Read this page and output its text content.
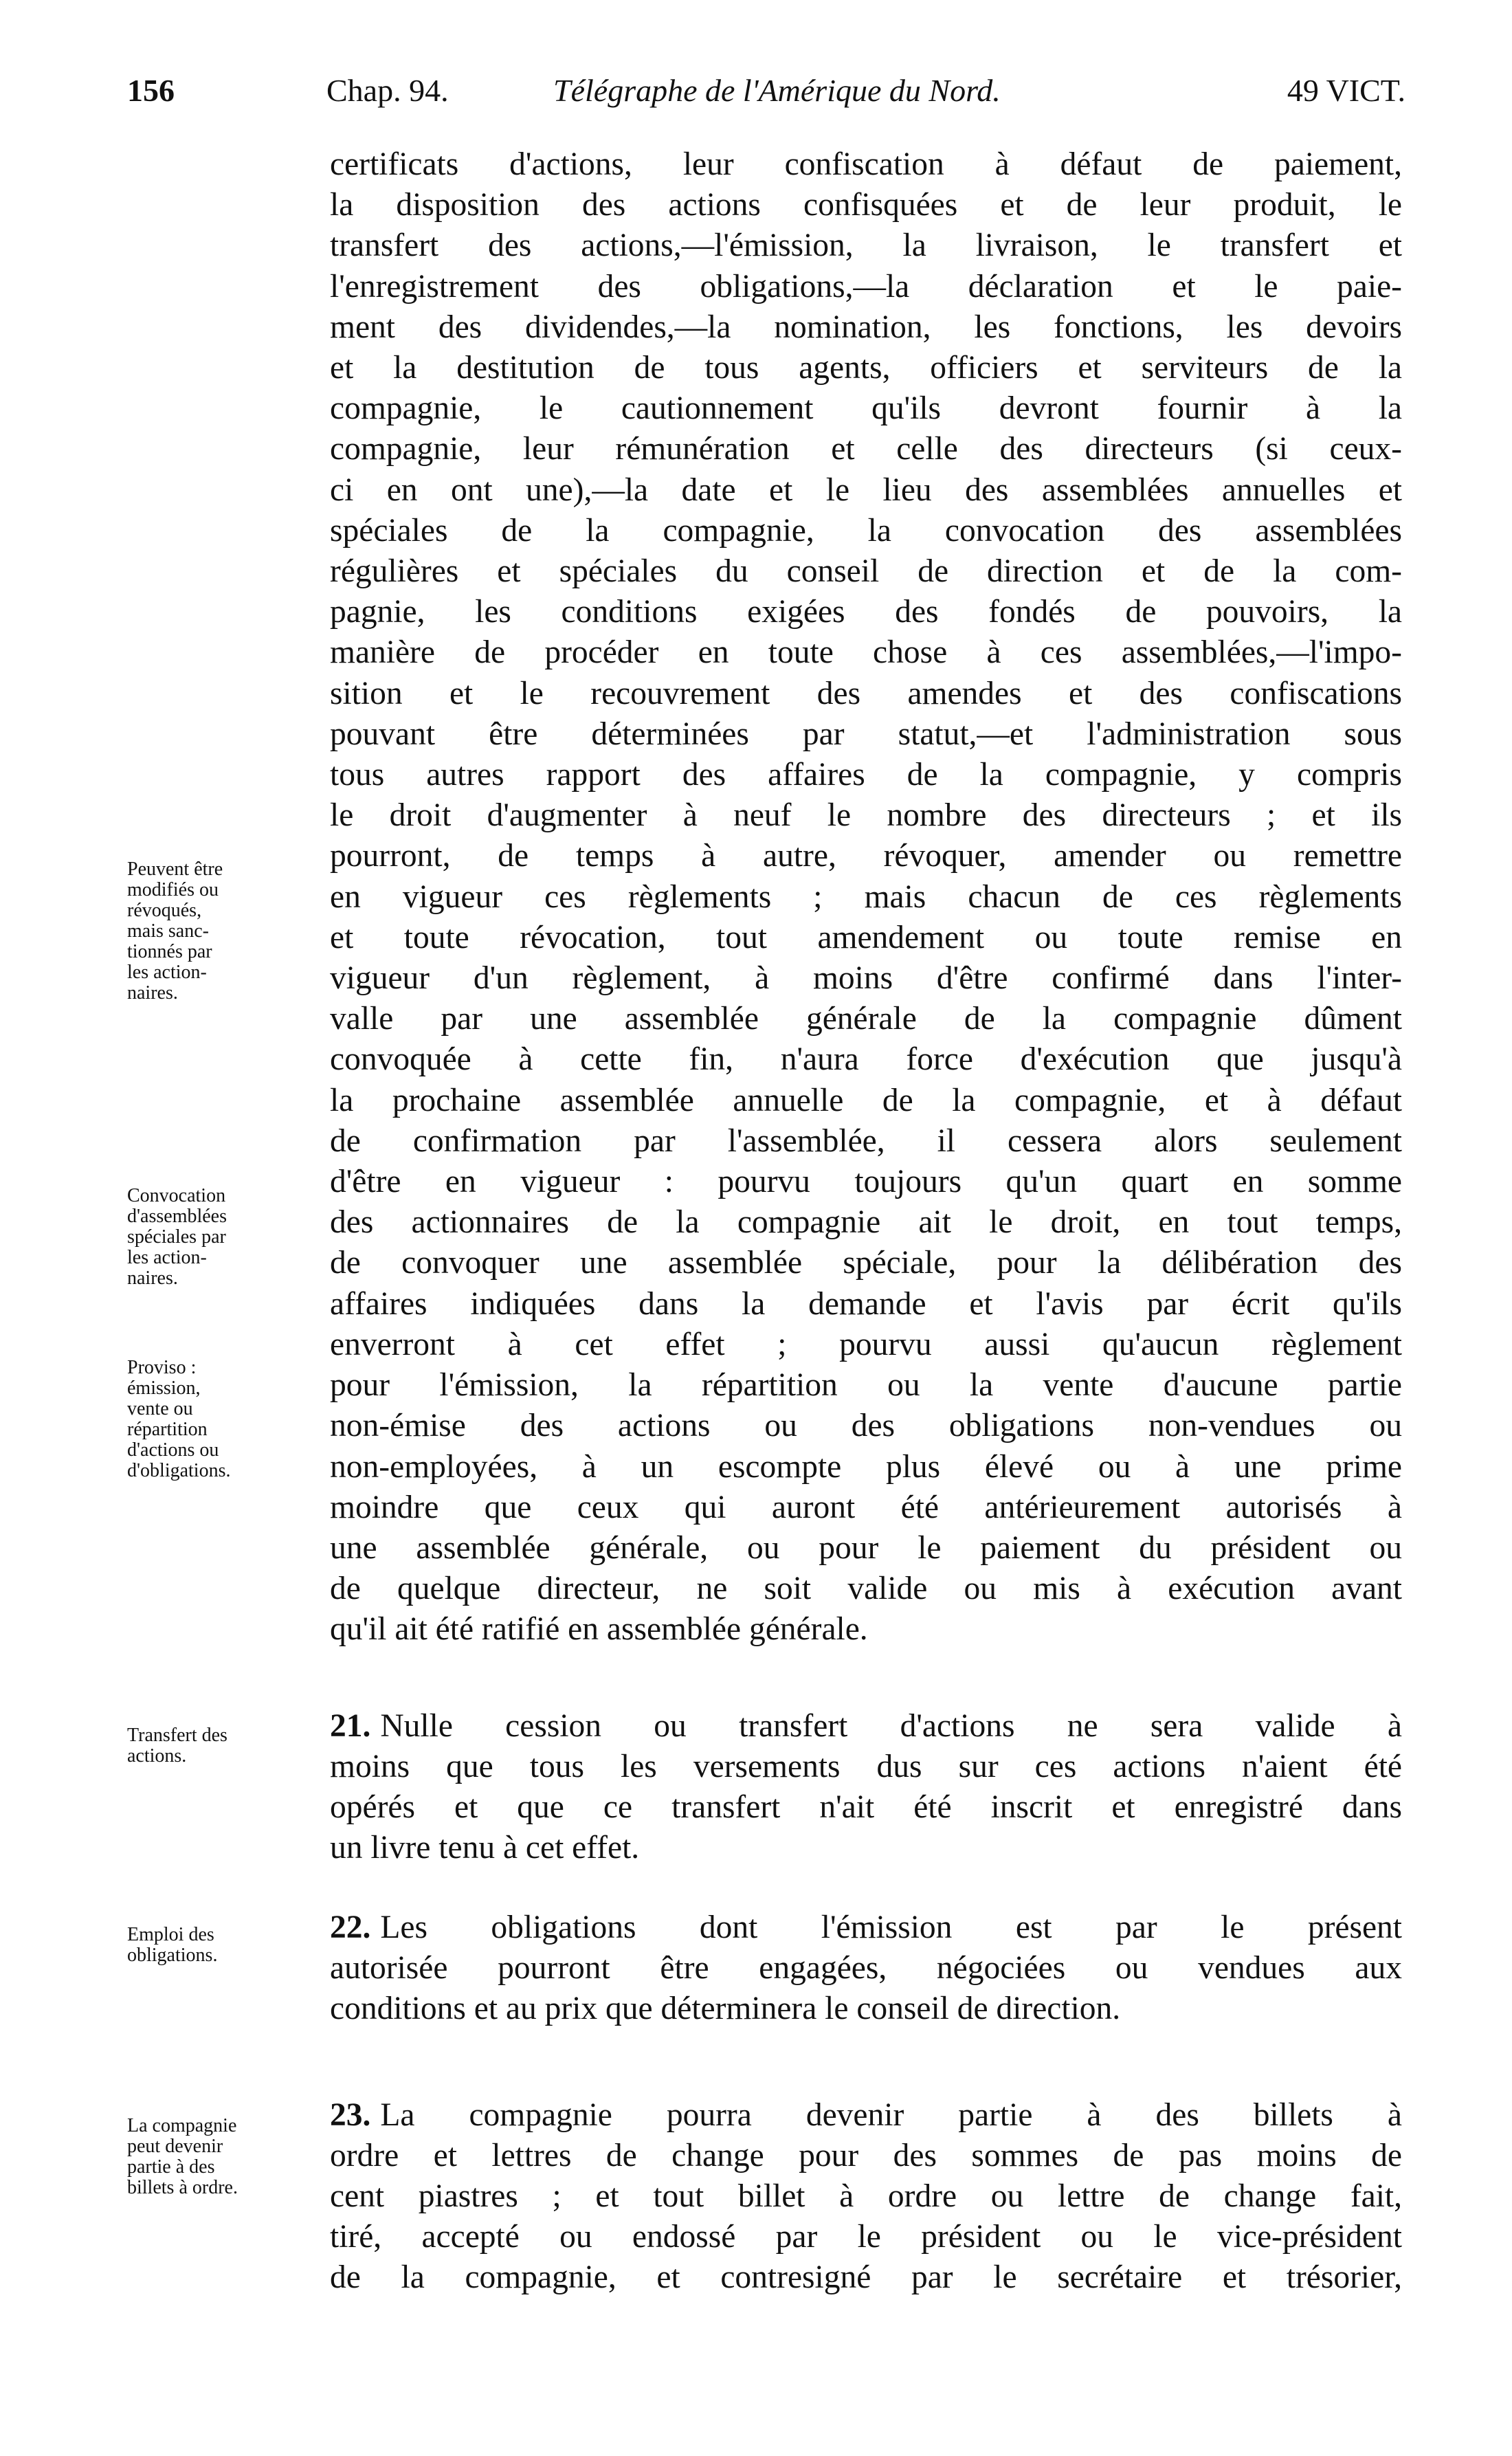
156	Chap. 94.	Télégraphe de l'Amérique du Nord.	49 VICT.
certificats d'actions, leur confiscation à défaut de paiement,
la disposition des actions confisquées et de leur produit, le
transfert des actions,—l'émission, la livraison, le transfert et
l'enregistrement des obligations,—la déclaration et le paie-
ment des dividendes,—la nomination, les fonctions, les devoirs
et la destitution de tous agents, officiers et serviteurs de la
compagnie, le cautionnement qu'ils devront fournir à la
compagnie, leur rémunération et celle des directeurs (si ceux-
ci en ont une),—la date et le lieu des assemblées annuelles et
spéciales de la compagnie, la convocation des assemblées
régulières et spéciales du conseil de direction et de la com-
pagnie, les conditions exigées des fondés de pouvoirs, la
manière de procéder en toute chose à ces assemblées,—l'impo-
sition et le recouvrement des amendes et des confiscations
pouvant être déterminées par statut,—et l'administration sous
tous autres rapport des affaires de la compagnie, y compris
le droit d'augmenter à neuf le nombre des directeurs ; et ils
pourront, de temps à autre, révoquer, amender ou remettre
en vigueur ces règlements ; mais chacun de ces règlements
et toute révocation, tout amendement ou toute remise en
vigueur d'un règlement, à moins d'être confirmé dans l'inter-
valle par une assemblée générale de la compagnie dûment
convoquée à cette fin, n'aura force d'exécution que jusqu'à
la prochaine assemblée annuelle de la compagnie, et à défaut
de confirmation par l'assemblée, il cessera alors seulement
d'être en vigueur : pourvu toujours qu'un quart en somme
des actionnaires de la compagnie ait le droit, en tout temps,
de convoquer une assemblée spéciale, pour la délibération des
affaires indiquées dans la demande et l'avis par écrit qu'ils
enverront à cet effet ; pourvu aussi qu'aucun règlement
pour l'émission, la répartition ou la vente d'aucune partie
non-émise des actions ou des obligations non-vendues ou
non-employées, à un escompte plus élevé ou à une prime
moindre que ceux qui auront été antérieurement autorisés à
une assemblée générale, ou pour le paiement du président ou
de quelque directeur, ne soit valide ou mis à exécution avant
qu'il ait été ratifié en assemblée générale.
Peuvent être
modifiés ou
révoqués,
mais sanc-
tionnés par
les action-
naires.
Convocation
d'assemblées
spéciales par
les action-
naires.
Proviso :
émission,
vente ou
répartition
d'actions ou
d'obligations.
21. Nulle cession ou transfert d'actions ne sera valide à
moins que tous les versements dus sur ces actions n'aient été
opérés et que ce transfert n'ait été inscrit et enregistré dans
un livre tenu à cet effet.
Transfert des
actions.
22. Les obligations dont l'émission est par le présent
autorisée pourront être engagées, négociées ou vendues aux
conditions et au prix que déterminera le conseil de direction.
Emploi des
obligations.
23. La compagnie pourra devenir partie à des billets à
ordre et lettres de change pour des sommes de pas moins de
cent piastres ; et tout billet à ordre ou lettre de change fait,
tiré, accepté ou endossé par le président ou le vice-président
de la compagnie, et contresigné par le secrétaire et trésorier,
La compagnie
peut devenir
partie à des
billets à ordre.
